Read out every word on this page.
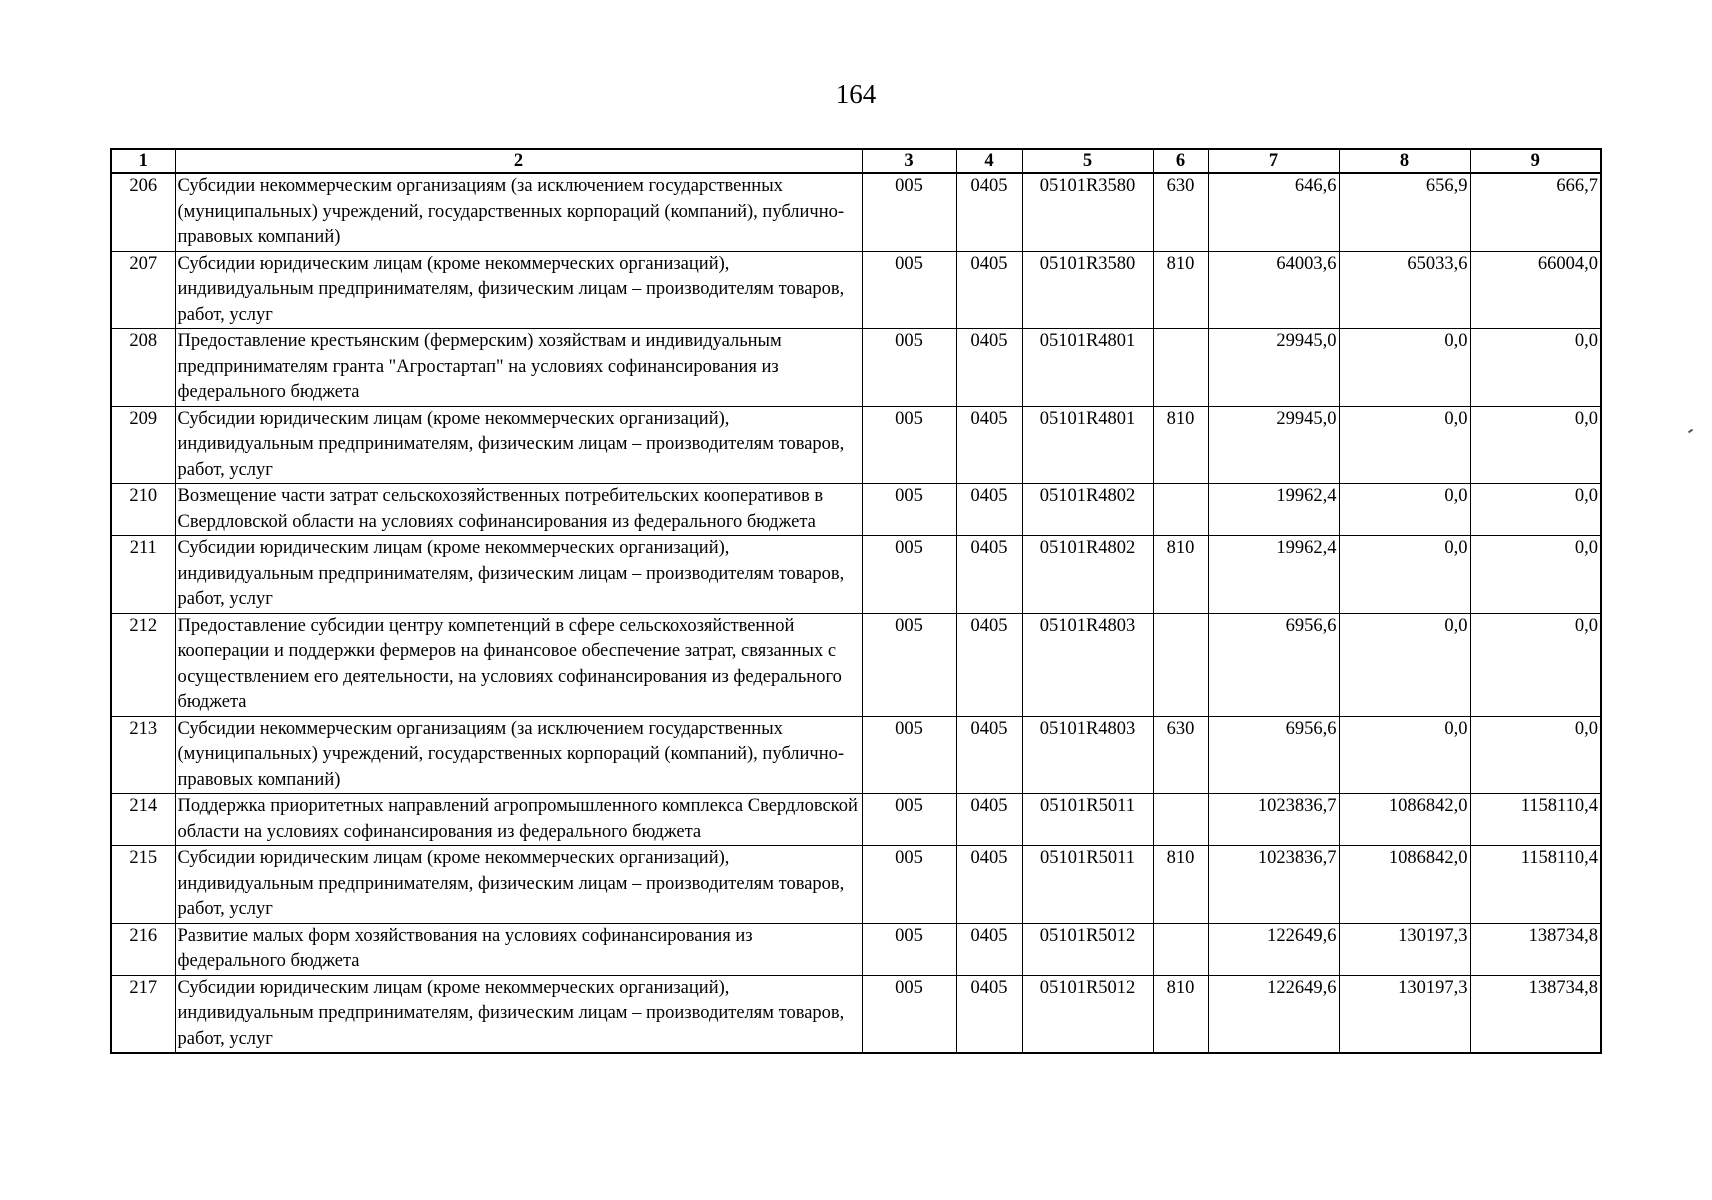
164
1	2	3	4	5	6	7	8	9
206	Субсидии некоммерческим организациям (за исключением государственных (муниципальных) учреждений, государственных корпораций (компаний), публично-правовых компаний)	005	0405	05101R3580	630	646,6	656,9	666,7
207	Субсидии юридическим лицам (кроме некоммерческих организаций), индивидуальным предпринимателям, физическим лицам – производителям товаров, работ, услуг	005	0405	05101R3580	810	64003,6	65033,6	66004,0
208	Предоставление крестьянским (фермерским) хозяйствам и индивидуальным предпринимателям гранта "Агростартап" на условиях софинансирования из федерального бюджета	005	0405	05101R4801		29945,0	0,0	0,0
209	Субсидии юридическим лицам (кроме некоммерческих организаций), индивидуальным предпринимателям, физическим лицам – производителям товаров, работ, услуг	005	0405	05101R4801	810	29945,0	0,0	0,0
210	Возмещение части затрат сельскохозяйственных потребительских кооперативов в Свердловской области на условиях софинансирования из федерального бюджета	005	0405	05101R4802		19962,4	0,0	0,0
211	Субсидии юридическим лицам (кроме некоммерческих организаций), индивидуальным предпринимателям, физическим лицам – производителям товаров, работ, услуг	005	0405	05101R4802	810	19962,4	0,0	0,0
212	Предоставление субсидии центру компетенций в сфере сельскохозяйственной кооперации и поддержки фермеров на финансовое обеспечение затрат, связанных с осуществлением его деятельности, на условиях софинансирования из федерального бюджета	005	0405	05101R4803		6956,6	0,0	0,0
213	Субсидии некоммерческим организациям (за исключением государственных (муниципальных) учреждений, государственных корпораций (компаний), публично-правовых компаний)	005	0405	05101R4803	630	6956,6	0,0	0,0
214	Поддержка приоритетных направлений агропромышленного комплекса Свердловской области на условиях софинансирования из федерального бюджета	005	0405	05101R5011		1023836,7	1086842,0	1158110,4
215	Субсидии юридическим лицам (кроме некоммерческих организаций), индивидуальным предпринимателям, физическим лицам – производителям товаров, работ, услуг	005	0405	05101R5011	810	1023836,7	1086842,0	1158110,4
216	Развитие малых форм хозяйствования на условиях софинансирования из федерального бюджета	005	0405	05101R5012		122649,6	130197,3	138734,8
217	Субсидии юридическим лицам (кроме некоммерческих организаций), индивидуальным предпринимателям, физическим лицам – производителям товаров, работ, услуг	005	0405	05101R5012	810	122649,6	130197,3	138734,8
